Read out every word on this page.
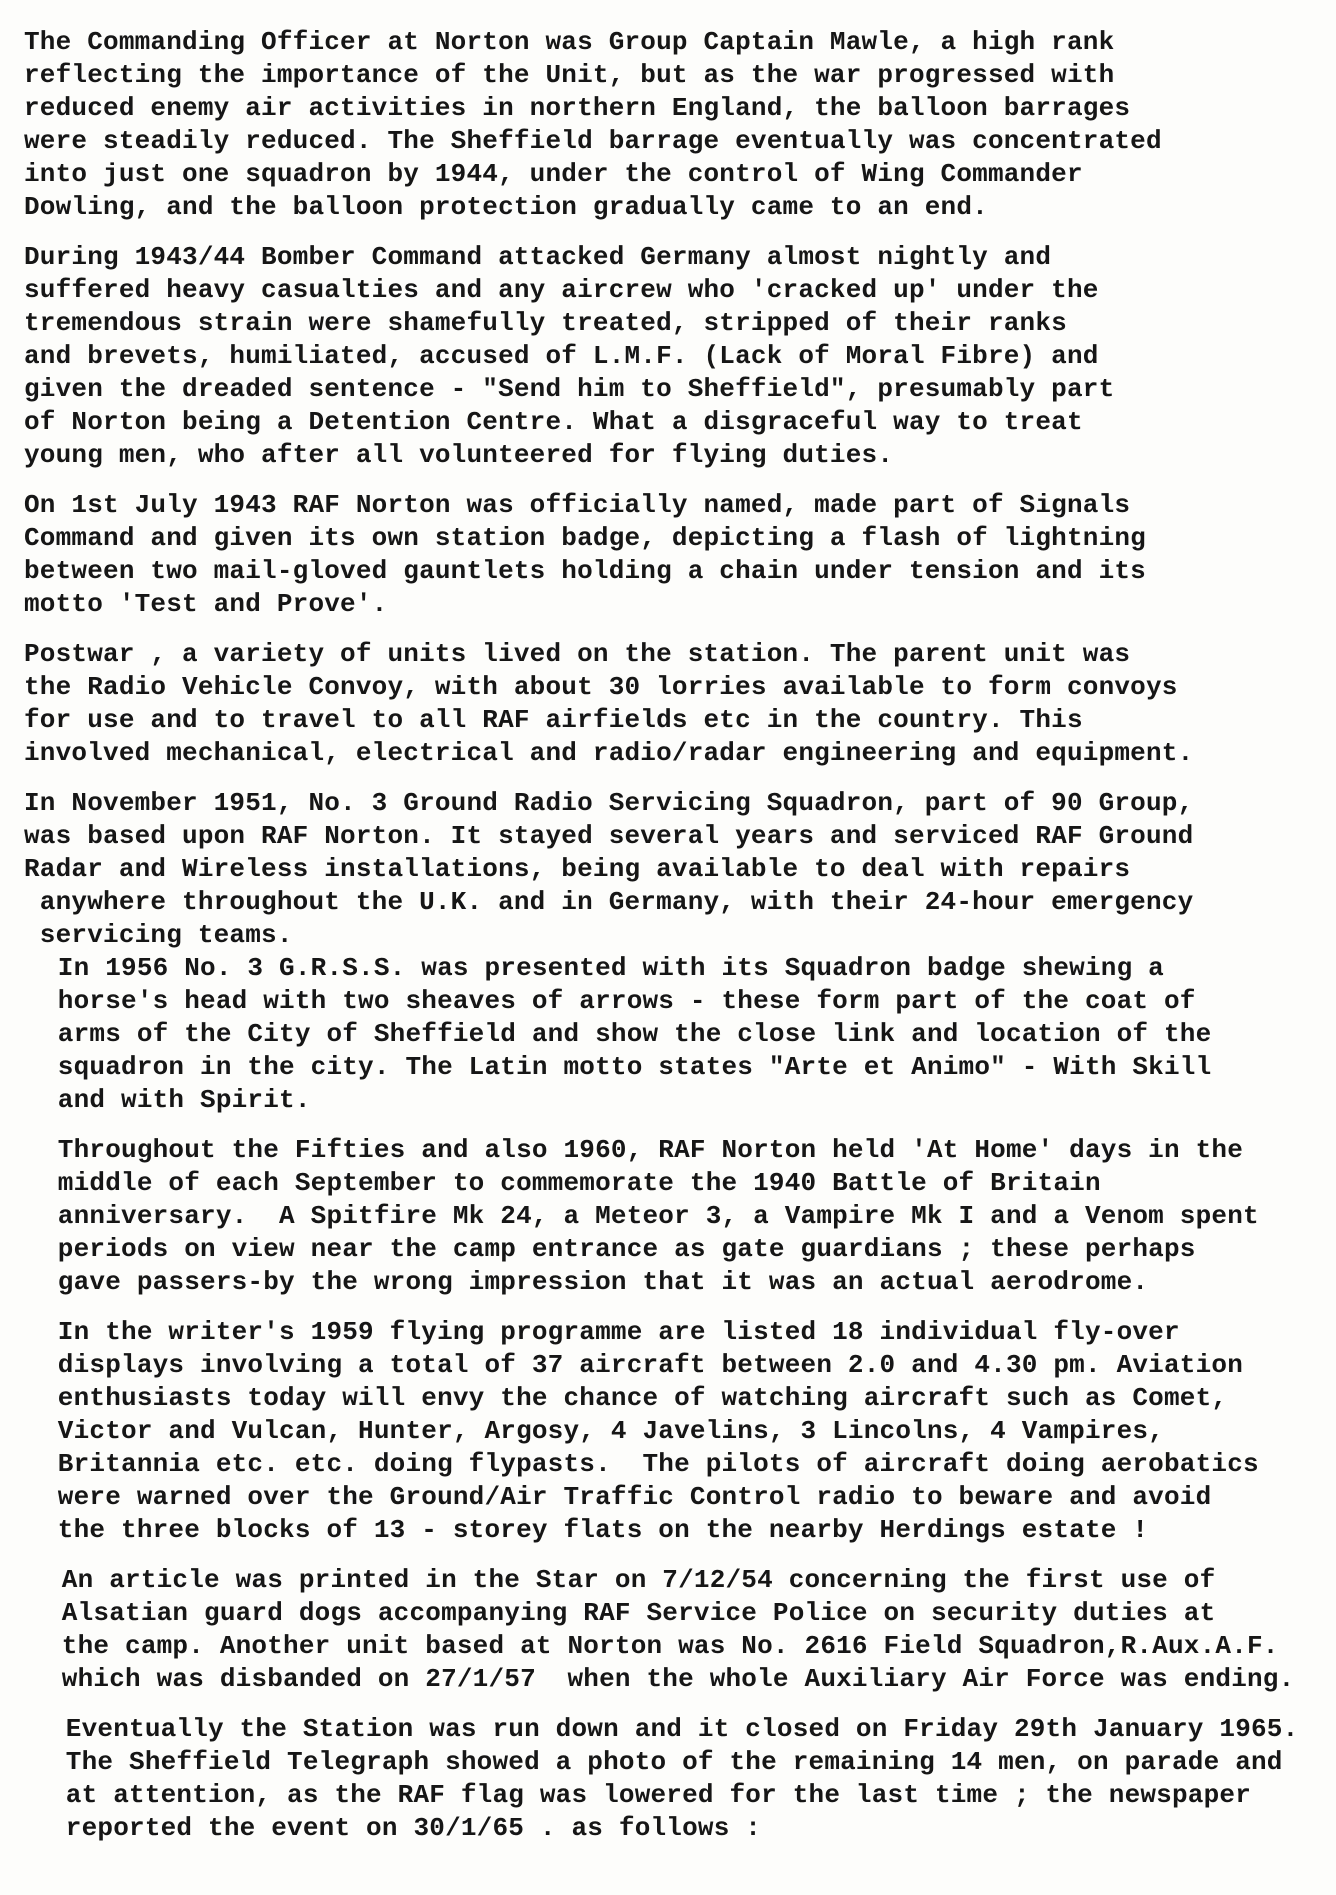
The Commanding Officer at Norton was Group Captain Mawle, a high rank
reflecting the importance of the Unit, but as the war progressed with
reduced enemy air activities in northern England, the balloon barrages
were steadily reduced. The Sheffield barrage eventually was concentrated
into just one squadron by 1944, under the control of Wing Commander
Dowling, and the balloon protection gradually came to an end.
During 1943/44 Bomber Command attacked Germany almost nightly and
suffered heavy casualties and any aircrew who 'cracked up' under the
tremendous strain were shamefully treated, stripped of their ranks
and brevets, humiliated, accused of L.M.F. (Lack of Moral Fibre) and
given the dreaded sentence - "Send him to Sheffield", presumably part
of Norton being a Detention Centre. What a disgraceful way to treat
young men, who after all volunteered for flying duties.
On 1st July 1943 RAF Norton was officially named, made part of Signals
Command and given its own station badge, depicting a flash of lightning
between two mail-gloved gauntlets holding a chain under tension and its
motto 'Test and Prove'.
Postwar , a variety of units lived on the station. The parent unit was
the Radio Vehicle Convoy, with about 30 lorries available to form convoys
for use and to travel to all RAF airfields etc in the country. This
involved mechanical, electrical and radio/radar engineering and equipment.
In November 1951, No. 3 Ground Radio Servicing Squadron, part of 90 Group,
was based upon RAF Norton. It stayed several years and serviced RAF Ground
Radar and Wireless installations, being available to deal with repairs
anywhere throughout the U.K. and in Germany, with their 24-hour emergency
servicing teams.
In 1956 No. 3 G.R.S.S. was presented with its Squadron badge shewing a
horse's head with two sheaves of arrows - these form part of the coat of
arms of the City of Sheffield and show the close link and location of the
squadron in the city. The Latin motto states "Arte et Animo" - With Skill
and with Spirit.
Throughout the Fifties and also 1960, RAF Norton held 'At Home' days in the
middle of each September to commemorate the 1940 Battle of Britain
anniversary.  A Spitfire Mk 24, a Meteor 3, a Vampire Mk I and a Venom spent
periods on view near the camp entrance as gate guardians ; these perhaps
gave passers-by the wrong impression that it was an actual aerodrome.
In the writer's 1959 flying programme are listed 18 individual fly-over
displays involving a total of 37 aircraft between 2.0 and 4.30 pm. Aviation
enthusiasts today will envy the chance of watching aircraft such as Comet,
Victor and Vulcan, Hunter, Argosy, 4 Javelins, 3 Lincolns, 4 Vampires,
Britannia etc. etc. doing flypasts.  The pilots of aircraft doing aerobatics
were warned over the Ground/Air Traffic Control radio to beware and avoid
the three blocks of 13 - storey flats on the nearby Herdings estate !
An article was printed in the Star on 7/12/54 concerning the first use of
Alsatian guard dogs accompanying RAF Service Police on security duties at
the camp. Another unit based at Norton was No. 2616 Field Squadron,R.Aux.A.F.
which was disbanded on 27/1/57  when the whole Auxiliary Air Force was ending.
Eventually the Station was run down and it closed on Friday 29th January 1965.
The Sheffield Telegraph showed a photo of the remaining 14 men, on parade and
at attention, as the RAF flag was lowered for the last time ; the newspaper
reported the event on 30/1/65 . as follows :
